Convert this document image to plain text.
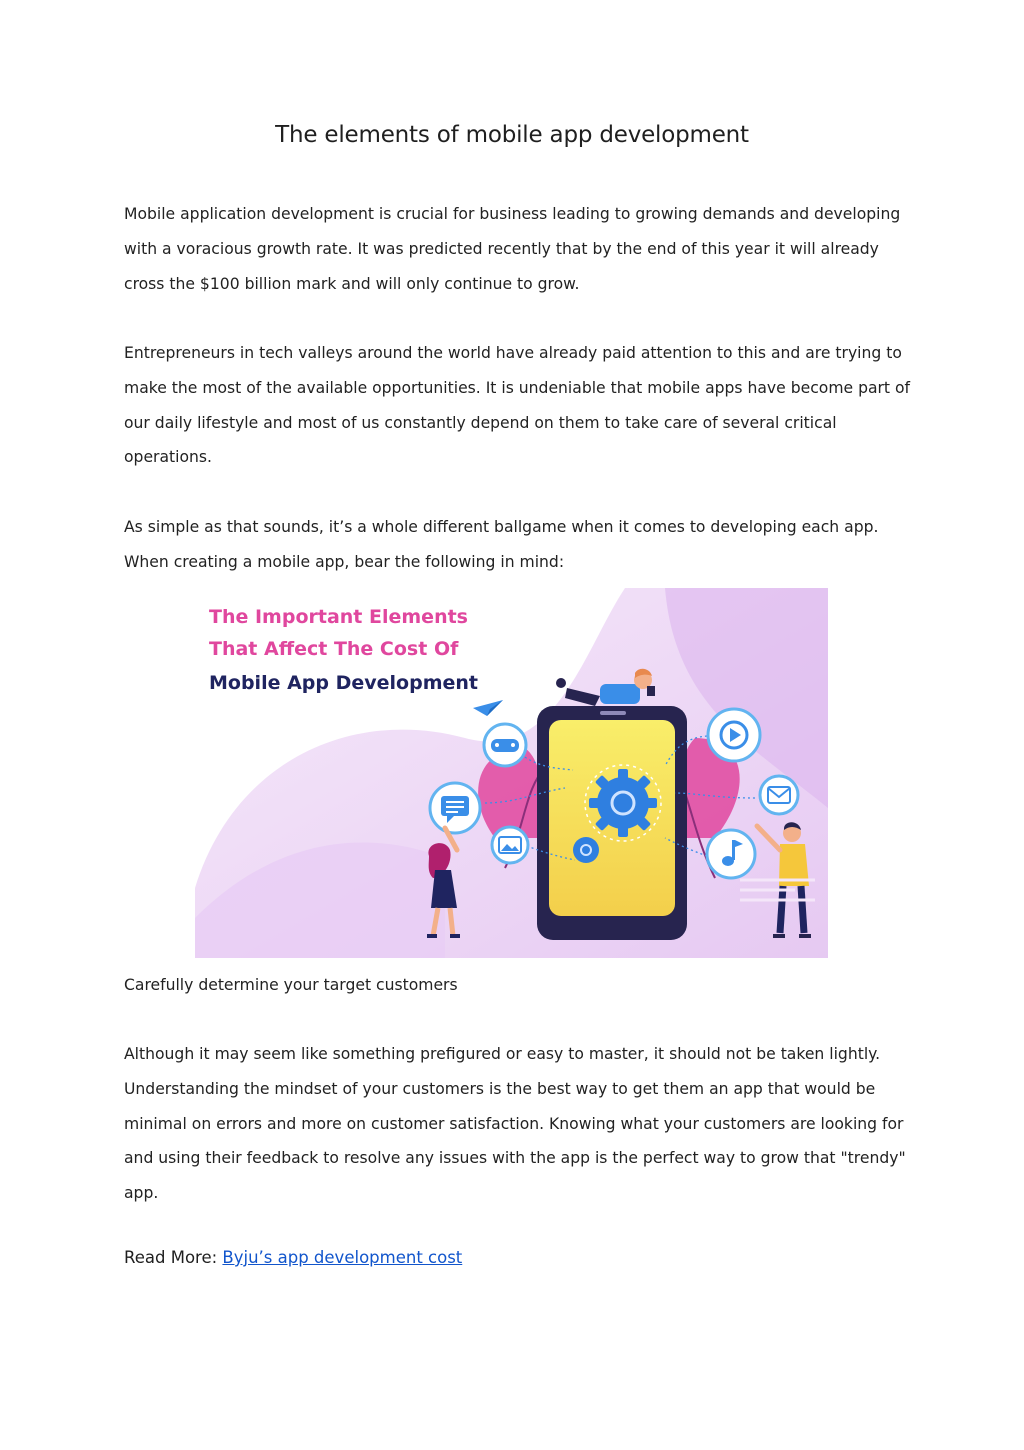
The elements of mobile app development

Mobile application development is crucial for business leading to growing demands and developing with a voracious growth rate. It was predicted recently that by the end of this year it will already cross the $100 billion mark and will only continue to grow.

Entrepreneurs in tech valleys around the world have already paid attention to this and are trying to make the most of the available opportunities. It is undeniable that mobile apps have become part of our daily lifestyle and most of us constantly depend on them to take care of several critical operations.

As simple as that sounds, it’s a whole different ballgame when it comes to developing each app. When creating a mobile app, bear the following in mind:

The Important Elements
That Affect The Cost Of
Mobile App Development

Carefully determine your target customers

Although it may seem like something prefigured or easy to master, it should not be taken lightly. Understanding the mindset of your customers is the best way to get them an app that would be minimal on errors and more on customer satisfaction. Knowing what your customers are looking for and using their feedback to resolve any issues with the app is the perfect way to grow that "trendy" app.

Read More: Byju’s app development cost
